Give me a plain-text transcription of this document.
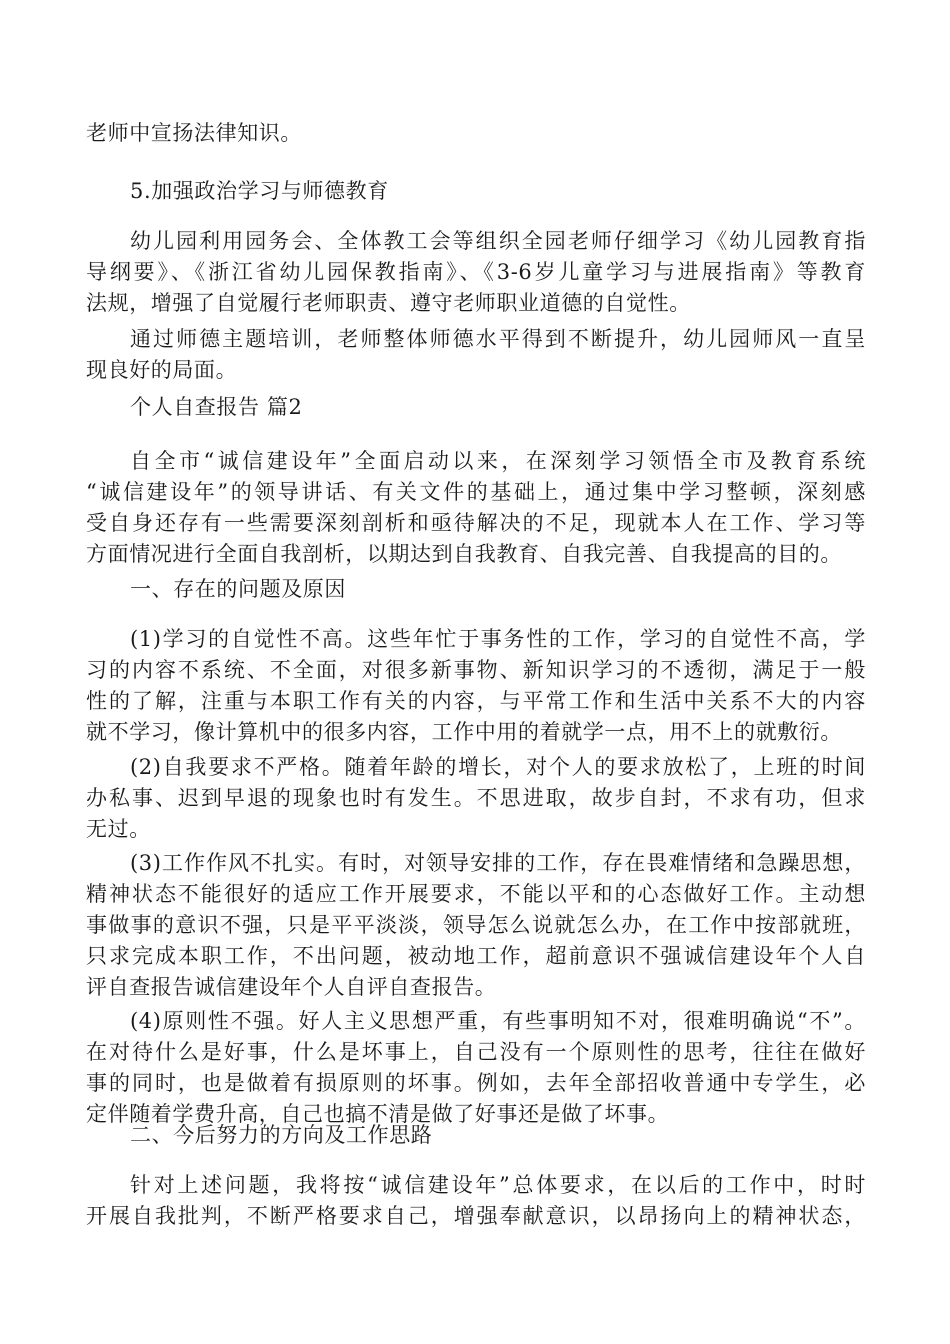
老师中宣扬法律知识。

5.加强政治学习与师德教育

幼儿园利用园务会、全体教工会等组织全园老师仔细学习《幼儿园教育指
导纲要》、《浙江省幼儿园保教指南》、《3-6岁儿童学习与进展指南》等教育
法规，增强了自觉履行老师职责、遵守老师职业道德的自觉性。

通过师德主题培训，老师整体师德水平得到不断提升，幼儿园师风一直呈
现良好的局面。

个人自查报告 篇2

自全市“诚信建设年”全面启动以来，在深刻学习领悟全市及教育系统
“诚信建设年”的领导讲话、有关文件的基础上，通过集中学习整顿，深刻感
受自身还存有一些需要深刻剖析和亟待解决的不足，现就本人在工作、学习等
方面情况进行全面自我剖析，以期达到自我教育、自我完善、自我提高的目的。

一、存在的问题及原因

(1)学习的自觉性不高。这些年忙于事务性的工作，学习的自觉性不高，学
习的内容不系统、不全面，对很多新事物、新知识学习的不透彻，满足于一般
性的了解，注重与本职工作有关的内容，与平常工作和生活中关系不大的内容
就不学习，像计算机中的很多内容，工作中用的着就学一点，用不上的就敷衍。

(2)自我要求不严格。随着年龄的增长，对个人的要求放松了，上班的时间
办私事、迟到早退的现象也时有发生。不思进取，故步自封，不求有功，但求
无过。

(3)工作作风不扎实。有时，对领导安排的工作，存在畏难情绪和急躁思想，
精神状态不能很好的适应工作开展要求，不能以平和的心态做好工作。主动想
事做事的意识不强，只是平平淡淡，领导怎么说就怎么办，在工作中按部就班，
只求完成本职工作，不出问题，被动地工作，超前意识不强诚信建设年个人自
评自查报告诚信建设年个人自评自查报告。

(4)原则性不强。好人主义思想严重，有些事明知不对，很难明确说“不”。
在对待什么是好事，什么是坏事上，自己没有一个原则性的思考，往往在做好
事的同时，也是做着有损原则的坏事。例如，去年全部招收普通中专学生，必
定伴随着学费升高，自己也搞不清是做了好事还是做了坏事。

二、今后努力的方向及工作思路

针对上述问题，我将按“诚信建设年”总体要求，在以后的工作中，时时
开展自我批判，不断严格要求自己，增强奉献意识，以昂扬向上的精神状态，
